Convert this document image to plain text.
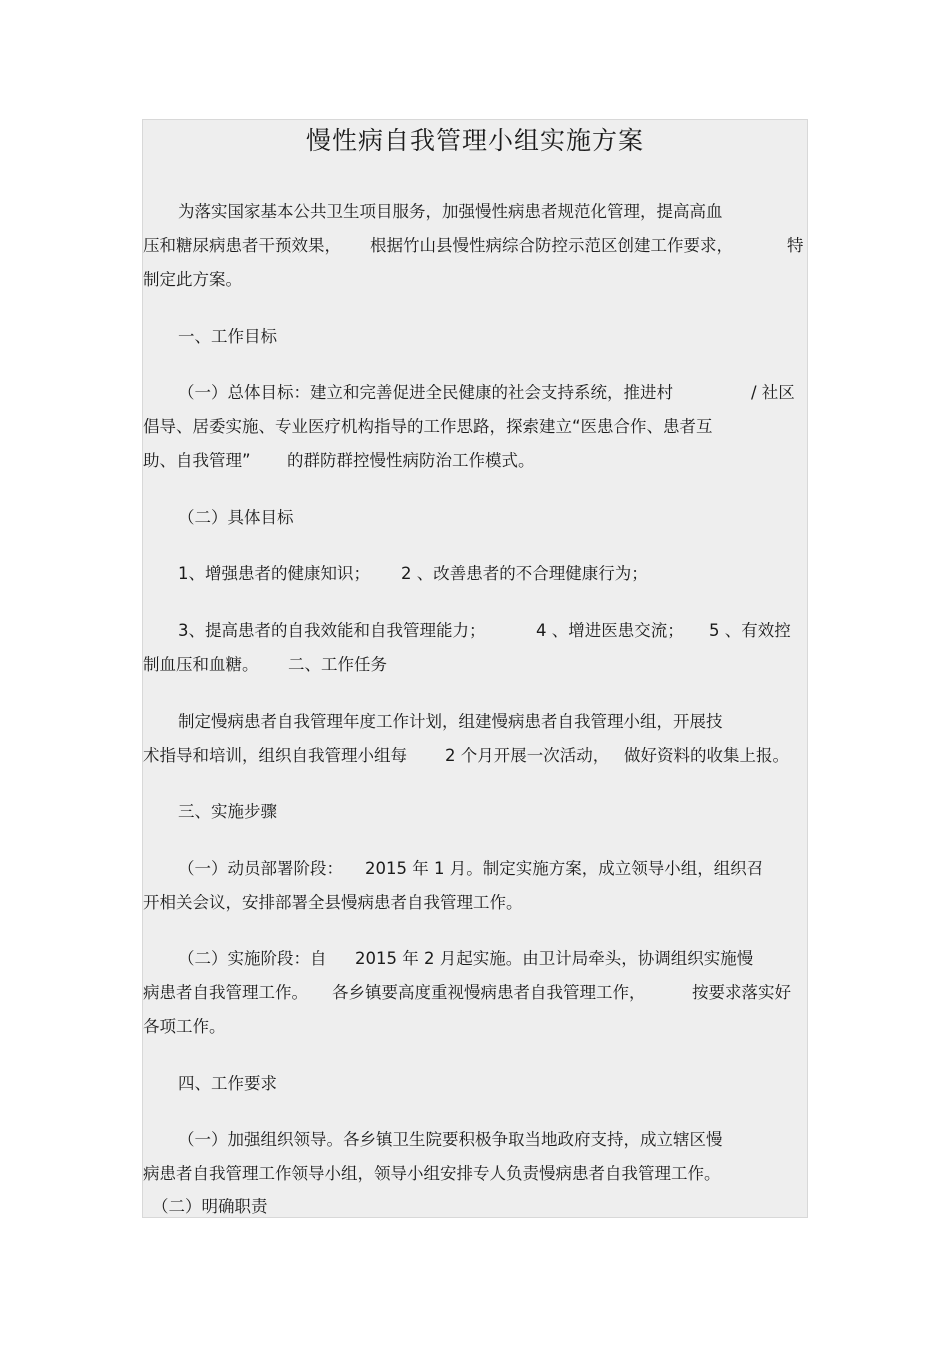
慢性病自我管理小组实施方案
为落实国家基本公共卫生项目服务，加强慢性病患者规范化管理，提高高血
压和糖尿病患者干预效果， 根据竹山县慢性病综合防控示范区创建工作要求，	特
制定此方案。
一、工作目标
（一）总体目标：建立和完善促进全民健康的社会支持系统，推进村	/ 社区
倡导、居委实施、专业医疗机构指导的工作思路，探索建立“医患合作、患者互
助、自我管理” 的群防群控慢性病防治工作模式。
（二）具体目标
1、增强患者的健康知识； 2 、改善患者的不合理健康行为；
3、提高患者的自我效能和自我管理能力；	4 、增进医患交流； 5 、有效控
制血压和血糖。 二、工作任务
制定慢病患者自我管理年度工作计划，组建慢病患者自我管理小组，开展技
术指导和培训，组织自我管理小组每 2 个月开展一次活动， 做好资料的收集上报。
三、实施步骤
（一）动员部署阶段： 2015 年 1 月。制定实施方案，成立领导小组，组织召
开相关会议，安排部署全县慢病患者自我管理工作。
（二）实施阶段：自 2015 年 2 月起实施。由卫计局牵头，协调组织实施慢
病患者自我管理工作。 各乡镇要高度重视慢病患者自我管理工作，	按要求落实好
各项工作。
四、工作要求
（一）加强组织领导。各乡镇卫生院要积极争取当地政府支持，成立辖区慢
病患者自我管理工作领导小组，领导小组安排专人负责慢病患者自我管理工作。
（二）明确职责
